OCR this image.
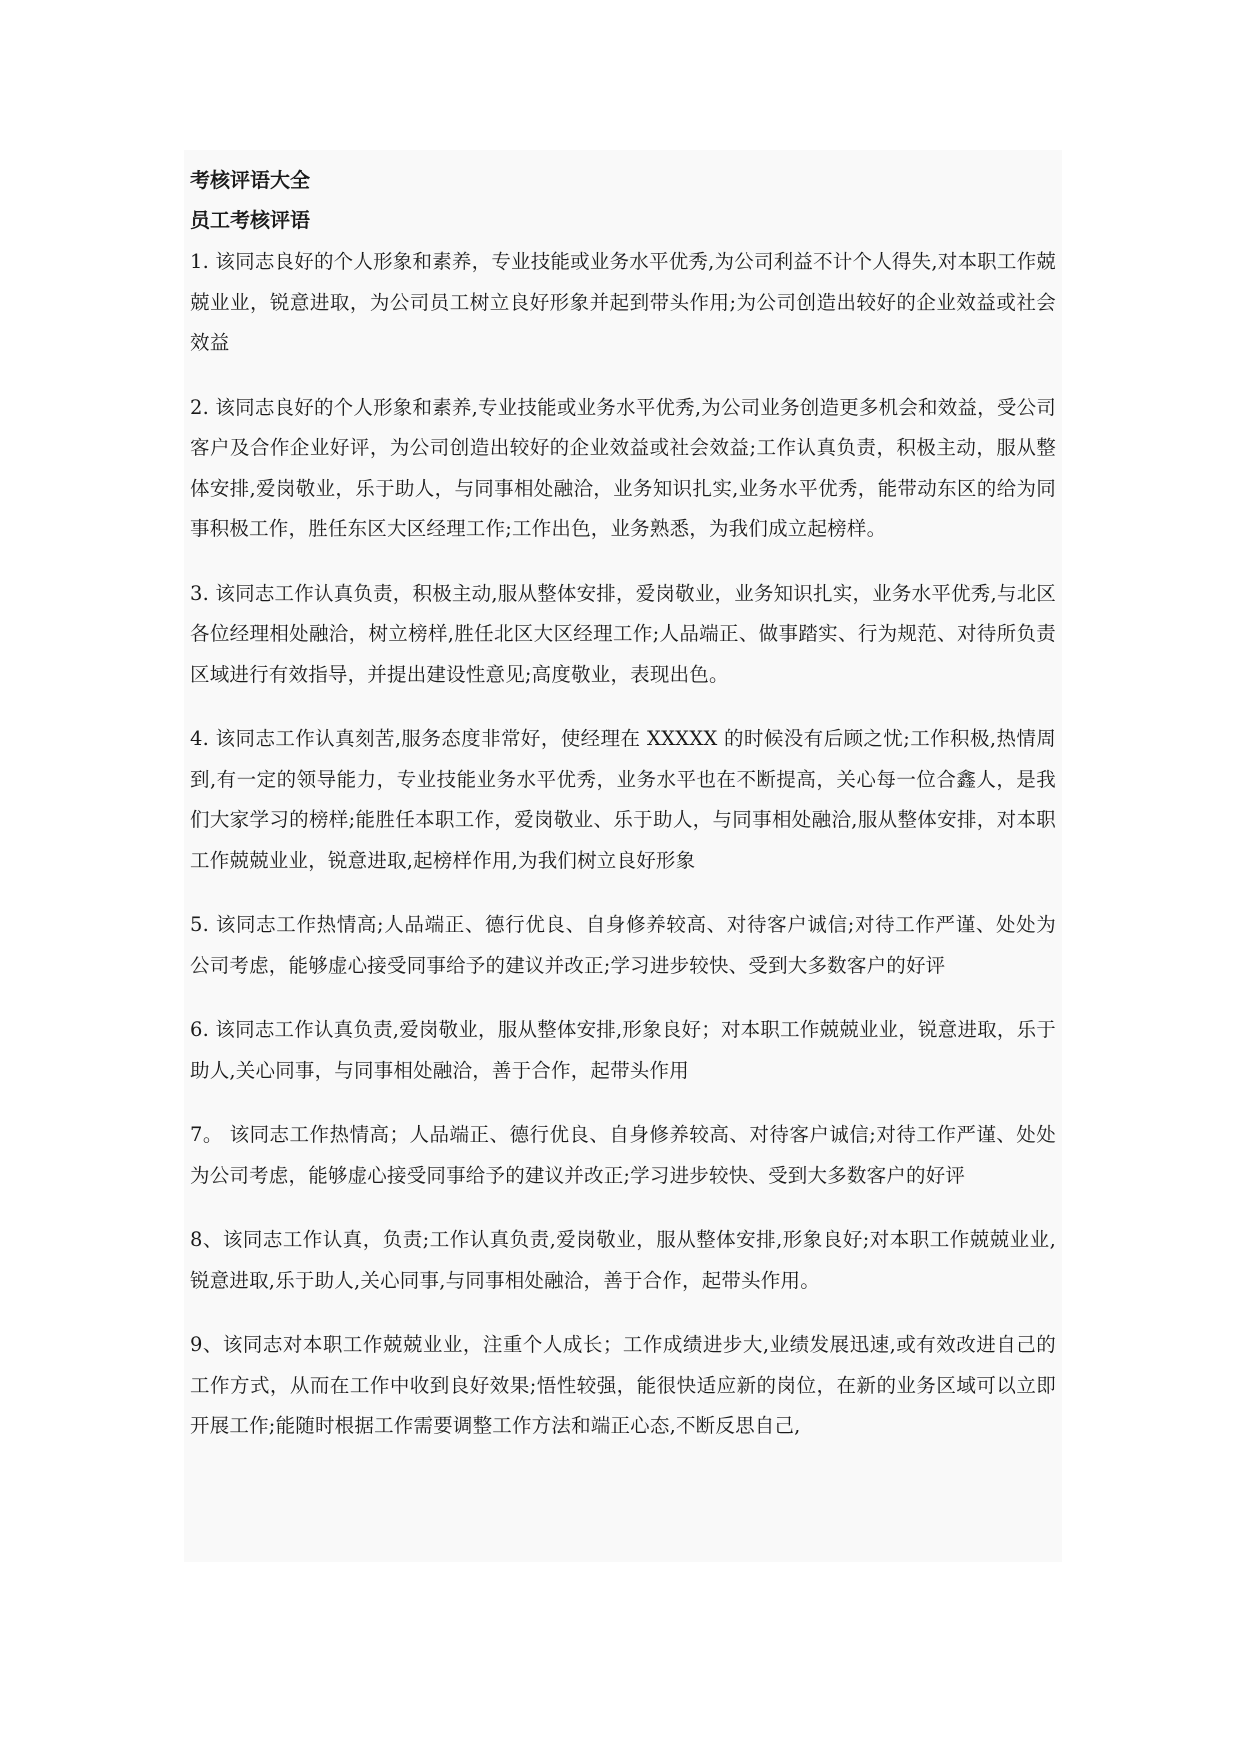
考核评语大全
员工考核评语

1. 该同志良好的个人形象和素养，专业技能或业务水平优秀,为公司利益不计个人得失,对本职工作兢兢业业，锐意进取，为公司员工树立良好形象并起到带头作用;为公司创造出较好的企业效益或社会效益

2. 该同志良好的个人形象和素养,专业技能或业务水平优秀,为公司业务创造更多机会和效益，受公司客户及合作企业好评，为公司创造出较好的企业效益或社会效益;工作认真负责，积极主动，服从整体安排,爱岗敬业，乐于助人，与同事相处融洽，业务知识扎实,业务水平优秀，能带动东区的给为同事积极工作，胜任东区大区经理工作;工作出色，业务熟悉，为我们成立起榜样。

3. 该同志工作认真负责，积极主动,服从整体安排，爱岗敬业，业务知识扎实，业务水平优秀,与北区各位经理相处融洽，树立榜样,胜任北区大区经理工作;人品端正、做事踏实、行为规范、对待所负责区域进行有效指导，并提出建设性意见;高度敬业，表现出色。

4. 该同志工作认真刻苦,服务态度非常好，使经理在 XXXXX 的时候没有后顾之忧;工作积极,热情周到,有一定的领导能力，专业技能业务水平优秀，业务水平也在不断提高，关心每一位合鑫人，是我们大家学习的榜样;能胜任本职工作，爱岗敬业、乐于助人，与同事相处融洽,服从整体安排，对本职工作兢兢业业，锐意进取,起榜样作用,为我们树立良好形象

5. 该同志工作热情高;人品端正、德行优良、自身修养较高、对待客户诚信;对待工作严谨、处处为公司考虑，能够虚心接受同事给予的建议并改正;学习进步较快、受到大多数客户的好评

6. 该同志工作认真负责,爱岗敬业，服从整体安排,形象良好；对本职工作兢兢业业，锐意进取，乐于助人,关心同事，与同事相处融洽，善于合作，起带头作用

7。 该同志工作热情高；人品端正、德行优良、自身修养较高、对待客户诚信;对待工作严谨、处处为公司考虑，能够虚心接受同事给予的建议并改正;学习进步较快、受到大多数客户的好评

8、该同志工作认真，负责;工作认真负责,爱岗敬业，服从整体安排,形象良好;对本职工作兢兢业业,锐意进取,乐于助人,关心同事,与同事相处融洽，善于合作，起带头作用。

9、该同志对本职工作兢兢业业，注重个人成长；工作成绩进步大,业绩发展迅速,或有效改进自己的工作方式，从而在工作中收到良好效果;悟性较强，能很快适应新的岗位，在新的业务区域可以立即开展工作;能随时根据工作需要调整工作方法和端正心态,不断反思自己,
